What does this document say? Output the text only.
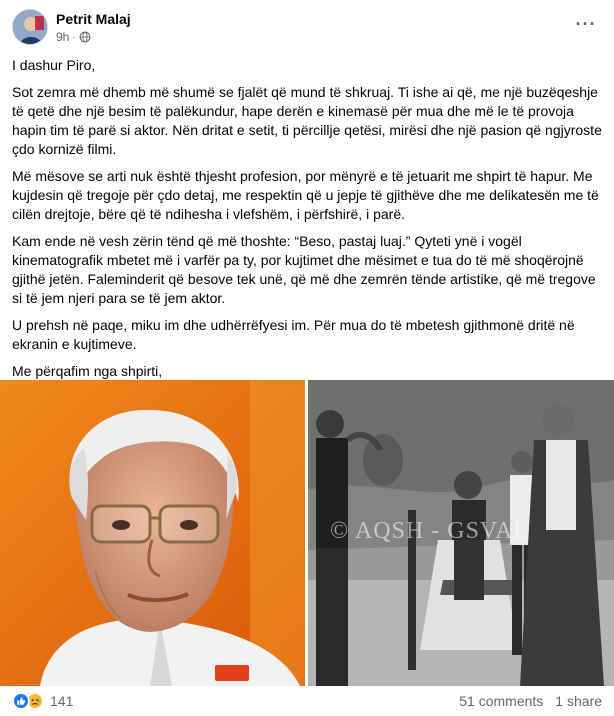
Petrit Malaj
9h ·
···

I dashur Piro,

Sot zemra më dhemb më shumë se fjalët që mund të shkruaj. Ti ishe ai që, me një buzëqeshje të qetë dhe një besim të palëkundur, hape derën e kinemasë për mua dhe më le të provoja hapin tim të parë si aktor. Nën dritat e setit, ti përcillje qetësi, mirësi dhe një pasion që ngjyroste çdo kornizë filmi.

Më mësove se arti nuk është thjesht profesion, por mënyrë e të jetuarit me shpirt të hapur. Me kujdesin që tregoje për çdo detaj, me respektin që u jepje të gjithëve dhe me delikatesën me të cilën drejtoje, bëre që të ndihesha i vlefshëm, i përfshirë, i parë.

Kam ende në vesh zërin tënd që më thoshte: “Beso, pastaj luaj.” Qyteti ynë i vogël kinematografik mbetet më i varfër pa ty, por kujtimet dhe mësimet e tua do të më shoqërojnë gjithë jetën. Faleminderit që besove tek unë, që më dhe zemrën tënde artistike, që më tregove si të jem njeri para se të jem aktor.

U prehsh në paqe, miku im dhe udhërrëfyesi im. Për mua do të mbetesh gjithmonë dritë në ekranin e kujtimeve.

Me përqafim nga shpirti,

© AQSH - GSVAL
141	51 comments 1 share
